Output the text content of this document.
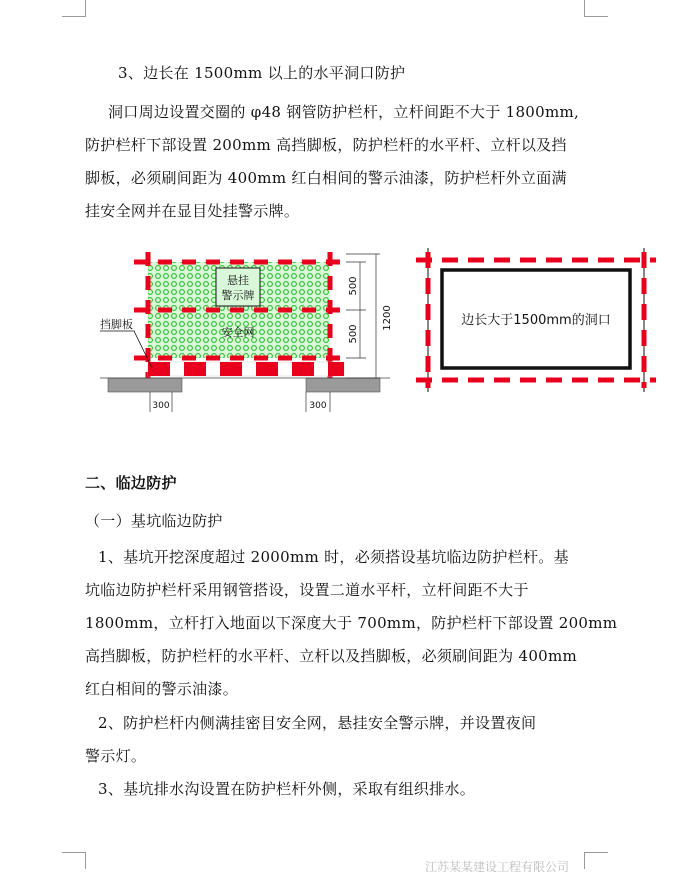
3、边长在 1500mm 以上的水平洞口防护
洞口周边设置交圈的 φ48 钢管防护栏杆，立杆间距不大于 1800mm,
防护栏杆下部设置 200mm 高挡脚板，防护栏杆的水平杆、立杆以及挡
脚板，必须刷间距为 400mm 红白相间的警示油漆，防护栏杆外立面满
挂安全网并在显目处挂警示牌。
悬挂
警示牌
安全网
挡脚板
500
500
1200
300	300
边长大于1500mm的洞口
二、临边防护
（一）基坑临边防护
1、基坑开挖深度超过 2000mm 时，必须搭设基坑临边防护栏杆。基
坑临边防护栏杆采用钢管搭设，设置二道水平杆，立杆间距不大于
1800mm，立杆打入地面以下深度大于 700mm，防护栏杆下部设置 200mm
高挡脚板，防护栏杆的水平杆、立杆以及挡脚板，必须刷间距为 400mm
红白相间的警示油漆。
2、防护栏杆内侧满挂密目安全网，悬挂安全警示牌，并设置夜间
警示灯。
3、基坑排水沟设置在防护栏杆外侧，采取有组织排水。
江苏某某建设工程有限公司
